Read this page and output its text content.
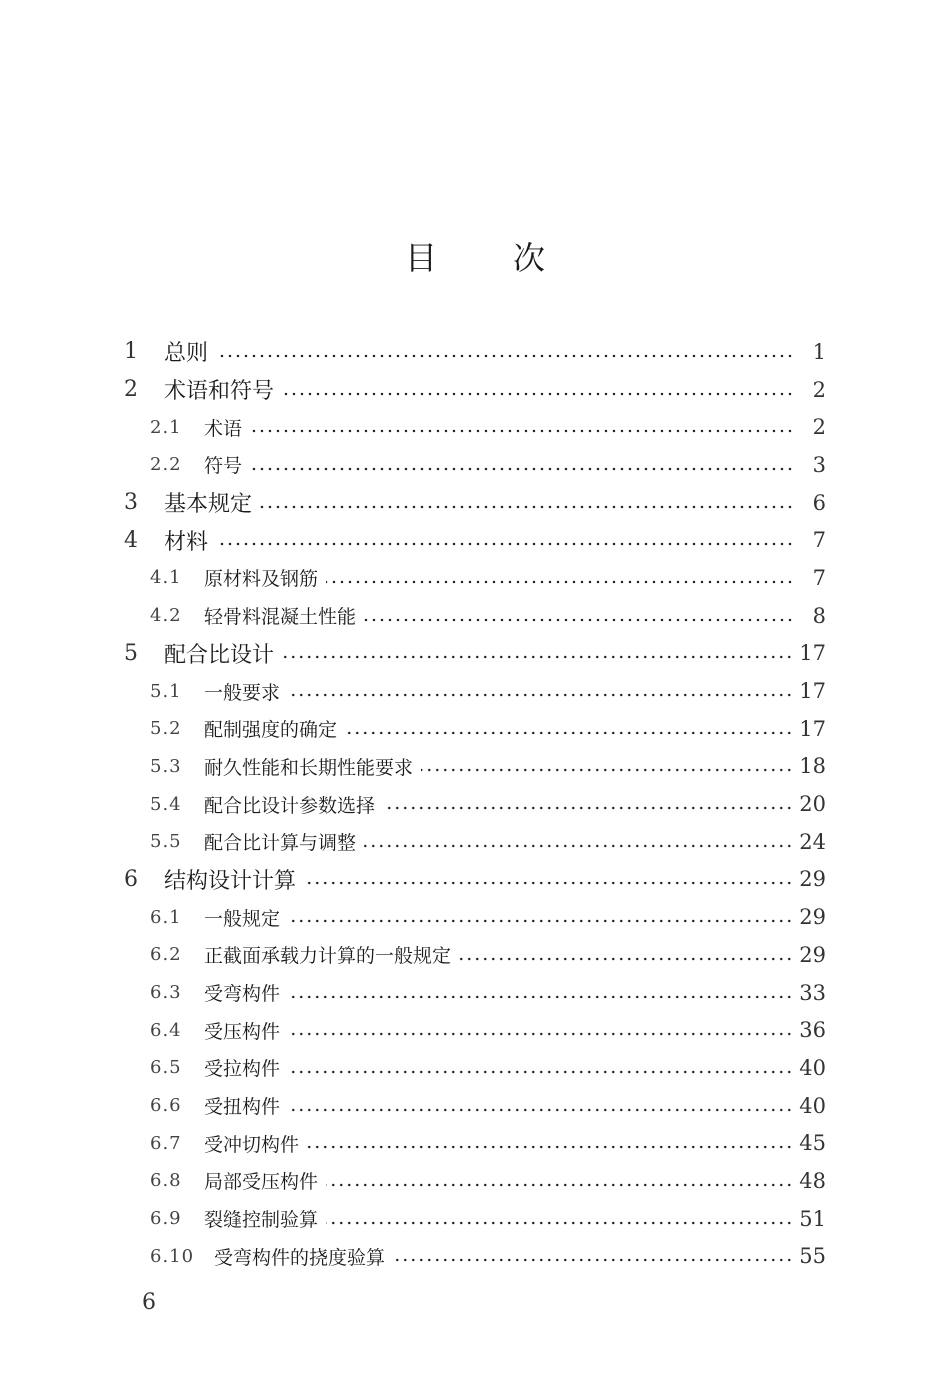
目次
1	总则	1
2	术语和符号	2
2.1	术语	2
2.2	符号	3
3	基本规定	6
4	材料	7
4.1	原材料及钢筋	7
4.2	轻骨料混凝土性能	8
5	配合比设计	17
5.1	一般要求	17
5.2	配制强度的确定	17
5.3	耐久性能和长期性能要求	18
5.4	配合比设计参数选择	20
5.5	配合比计算与调整	24
6	结构设计计算	29
6.1	一般规定	29
6.2	正截面承载力计算的一般规定	29
6.3	受弯构件	33
6.4	受压构件	36
6.5	受拉构件	40
6.6	受扭构件	40
6.7	受冲切构件	45
6.8	局部受压构件	48
6.9	裂缝控制验算	51
6.10	受弯构件的挠度验算	55
6
